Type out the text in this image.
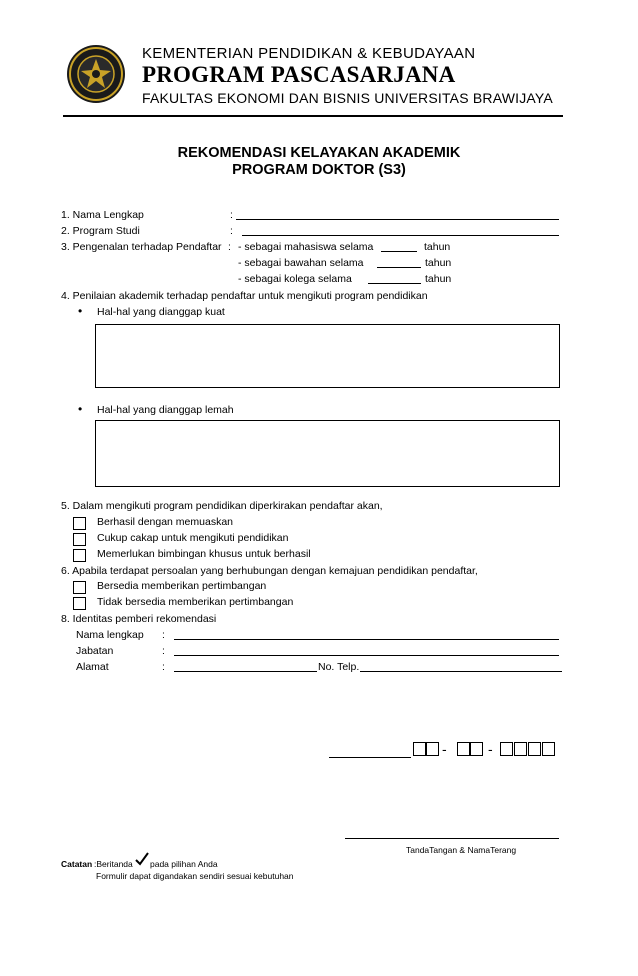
KEMENTERIAN PENDIDIKAN & KEBUDAYAAN
PROGRAM PASCASARJANA
FAKULTAS EKONOMI DAN BISNIS UNIVERSITAS BRAWIJAYA
REKOMENDASI KELAYAKAN AKADEMIK
PROGRAM DOKTOR (S3)
1. Nama Lengkap	:
2. Program Studi	:
3. Pengenalan terhadap Pendaftar : - sebagai mahasiswa selama	tahun
- sebagai bawahan selama	tahun
- sebagai kolega selama	tahun
4. Penilaian akademik terhadap pendaftar untuk mengikuti program pendidikan
• Hal-hal yang dianggap kuat
• Hal-hal yang dianggap lemah
5. Dalam mengikuti program pendidikan diperkirakan pendaftar akan,
Berhasil dengan memuaskan
Cukup cakap untuk mengikuti pendidikan
Memerlukan bimbingan khusus untuk berhasil
6. Apabila terdapat persoalan yang berhubungan dengan kemajuan pendidikan pendaftar,
Bersedia memberikan pertimbangan
Tidak bersedia memberikan pertimbangan
8. Identitas pemberi rekomendasi
Nama lengkap :
Jabatan	:
Alamat	:	No. Telp.
-	-
TandaTangan & NamaTerang
Catatan :Beritanda pada pilihan Anda
Formulir dapat digandakan sendiri sesuai kebutuhan
